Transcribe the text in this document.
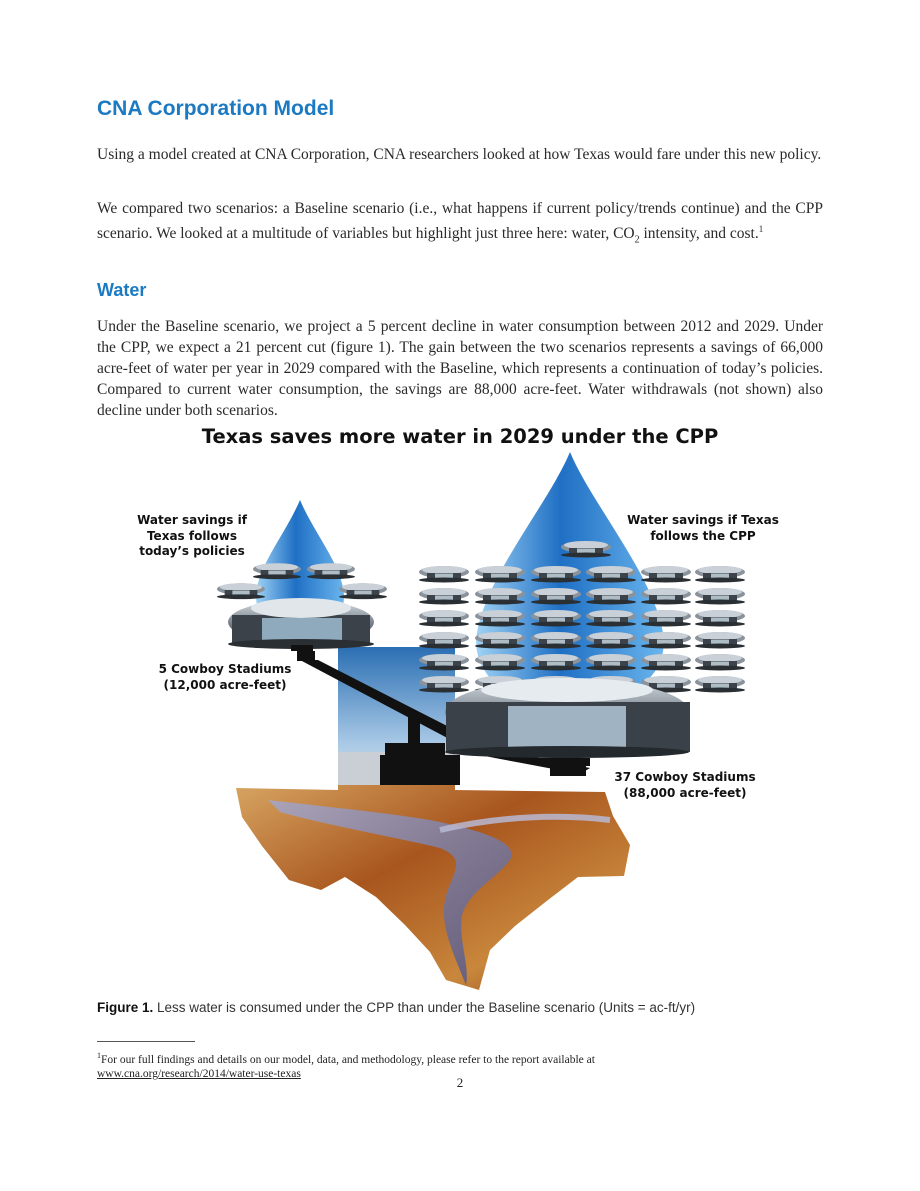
CNA Corporation Model

Using a model created at CNA Corporation, CNA researchers looked at how Texas would fare under this new policy.

We compared two scenarios: a Baseline scenario (i.e., what happens if current policy/trends continue) and the CPP scenario. We looked at a multitude of variables but highlight just three here: water, $CO_2$ intensity, and cost.$^1$

Water

Under the Baseline scenario, we project a 5 percent decline in water consumption between 2012 and 2029. Under the CPP, we expect a 21 percent cut (figure 1). The gain between the two scenarios represents a savings of 66,000 acre-feet of water per year in 2029 compared with the Baseline, which represents a continuation of today’s policies. Compared to current water consumption, the savings are 88,000 acre-feet. Water withdrawals (not shown) also decline under both scenarios.

Texas saves more water in 2029 under the CPP
Water savings if Texas follows today’s policies
Water savings if Texas follows the CPP
5 Cowboy Stadiums
(12,000 acre-feet)
37 Cowboy Stadiums
(88,000 acre-feet)
Figure 1. Less water is consumed under the CPP than under the Baseline scenario (Units = ac-ft/yr)
$^1$For our full findings and details on our model, data, and methodology, please refer to the report available at
www.cna.org/research/2014/water-use-texas
2
